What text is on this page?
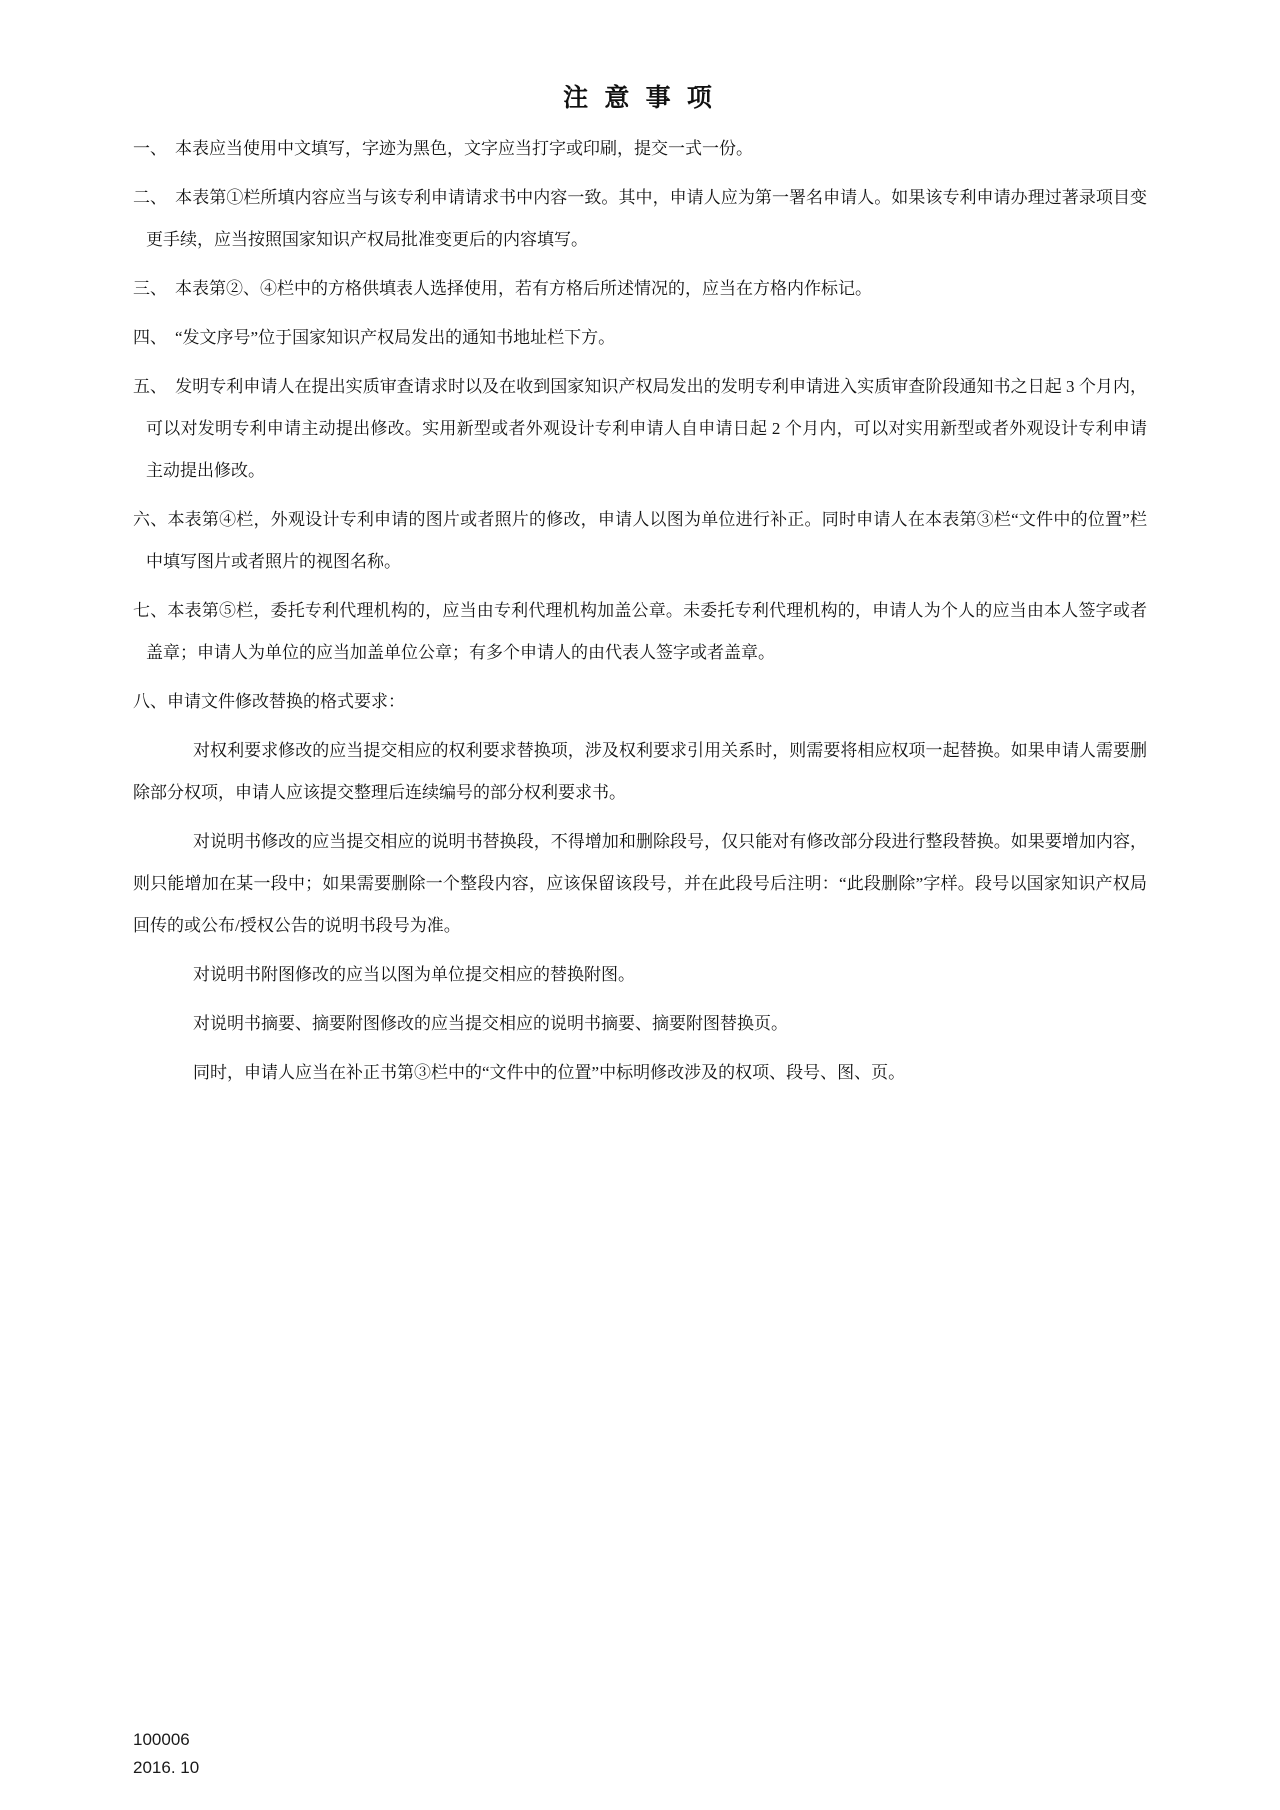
注 意 事 项

一、 本表应当使用中文填写，字迹为黑色，文字应当打字或印刷，提交一式一份。

二、 本表第①栏所填内容应当与该专利申请请求书中内容一致。其中，申请人应为第一署名申请人。如果该专利申请办理过著录项目变更手续，应当按照国家知识产权局批准变更后的内容填写。

三、 本表第②、④栏中的方格供填表人选择使用，若有方格后所述情况的，应当在方格内作标记。

四、 “发文序号”位于国家知识产权局发出的通知书地址栏下方。

五、 发明专利申请人在提出实质审查请求时以及在收到国家知识产权局发出的发明专利申请进入实质审查阶段通知书之日起 3 个月内，可以对发明专利申请主动提出修改。实用新型或者外观设计专利申请人自申请日起 2 个月内，可以对实用新型或者外观设计专利申请主动提出修改。

六、本表第④栏，外观设计专利申请的图片或者照片的修改，申请人以图为单位进行补正。同时申请人在本表第③栏“文件中的位置”栏中填写图片或者照片的视图名称。

七、本表第⑤栏，委托专利代理机构的，应当由专利代理机构加盖公章。未委托专利代理机构的，申请人为个人的应当由本人签字或者盖章；申请人为单位的应当加盖单位公章；有多个申请人的由代表人签字或者盖章。

八、申请文件修改替换的格式要求：

对权利要求修改的应当提交相应的权利要求替换项，涉及权利要求引用关系时，则需要将相应权项一起替换。如果申请人需要删除部分权项，申请人应该提交整理后连续编号的部分权利要求书。

对说明书修改的应当提交相应的说明书替换段，不得增加和删除段号，仅只能对有修改部分段进行整段替换。如果要增加内容，则只能增加在某一段中；如果需要删除一个整段内容，应该保留该段号，并在此段号后注明：“此段删除”字样。段号以国家知识产权局回传的或公布/授权公告的说明书段号为准。

对说明书附图修改的应当以图为单位提交相应的替换附图。

对说明书摘要、摘要附图修改的应当提交相应的说明书摘要、摘要附图替换页。

同时，申请人应当在补正书第③栏中的“文件中的位置”中标明修改涉及的权项、段号、图、页。

100006
2016. 10
